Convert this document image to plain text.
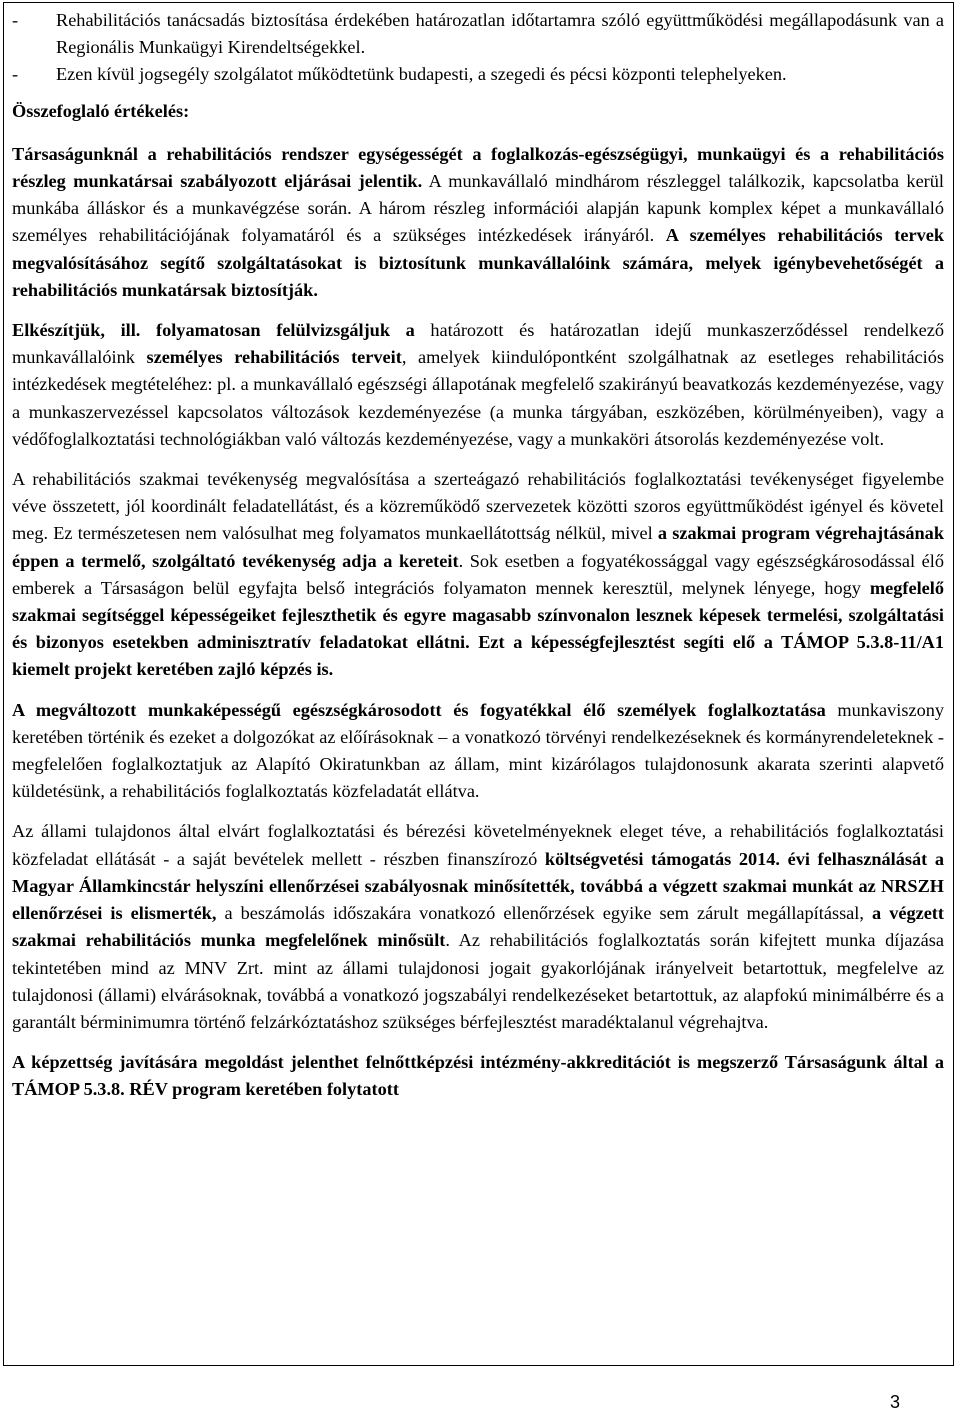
-	Rehabilitációs tanácsadás biztosítása érdekében határozatlan időtartamra szóló együttműködési megállapodásunk van a Regionális Munkaügyi Kirendeltségekkel.
-	Ezen kívül jogsegély szolgálatot működtetünk budapesti, a szegedi és pécsi központi telephelyeken.
Összefoglaló értékelés:

Társaságunknál a rehabilitációs rendszer egységességét a foglalkozás-egészségügyi, munkaügyi és a rehabilitációs részleg munkatársai szabályozott eljárásai jelentik. A munkavállaló mindhárom részleggel találkozik, kapcsolatba kerül munkába álláskor és a munkavégzése során. A három részleg információi alapján kapunk komplex képet a munkavállaló személyes rehabilitációjának folyamatáról és a szükséges intézkedések irányáról. A személyes rehabilitációs tervek megvalósításához segítő szolgáltatásokat is biztosítunk munkavállalóink számára, melyek igénybevehetőségét a rehabilitációs munkatársak biztosítják.

Elkészítjük, ill. folyamatosan felülvizsgáljuk a határozott és határozatlan idejű munkaszerződéssel rendelkező munkavállalóink személyes rehabilitációs terveit, amelyek kiindulópontként szolgálhatnak az esetleges rehabilitációs intézkedések megtételéhez: pl. a munkavállaló egészségi állapotának megfelelő szakirányú beavatkozás kezdeményezése, vagy a munkaszervezéssel kapcsolatos változások kezdeményezése (a munka tárgyában, eszközében, körülményeiben), vagy a védőfoglalkoztatási technológiákban való változás kezdeményezése, vagy a munkaköri átsorolás kezdeményezése volt.

A rehabilitációs szakmai tevékenység megvalósítása a szerteágazó rehabilitációs foglalkoztatási tevékenységet figyelembe véve összetett, jól koordinált feladatellátást, és a közreműködő szervezetek közötti szoros együttműködést igényel és követel meg. Ez természetesen nem valósulhat meg folyamatos munkaellátottság nélkül, mivel a szakmai program végrehajtásának éppen a termelő, szolgáltató tevékenység adja a kereteit. Sok esetben a fogyatékossággal vagy egészségkárosodással élő emberek a Társaságon belül egyfajta belső integrációs folyamaton mennek keresztül, melynek lényege, hogy megfelelő szakmai segítséggel képességeiket fejleszthetik és egyre magasabb színvonalon lesznek képesek termelési, szolgáltatási és bizonyos esetekben adminisztratív feladatokat ellátni. Ezt a képességfejlesztést segíti elő a TÁMOP 5.3.8-11/A1 kiemelt projekt keretében zajló képzés is.

A megváltozott munkaképességű egészségkárosodott és fogyatékkal élő személyek foglalkoztatása munkaviszony keretében történik és ezeket a dolgozókat az előírásoknak – a vonatkozó törvényi rendelkezéseknek és kormányrendeleteknek - megfelelően foglalkoztatjuk az Alapító Okiratunkban az állam, mint kizárólagos tulajdonosunk akarata szerinti alapvető küldetésünk, a rehabilitációs foglalkoztatás közfeladatát ellátva.

Az állami tulajdonos által elvárt foglalkoztatási és bérezési követelményeknek eleget téve, a rehabilitációs foglalkoztatási közfeladat ellátását - a saját bevételek mellett - részben finanszírozó költségvetési támogatás 2014. évi felhasználását a Magyar Államkincstár helyszíni ellenőrzései szabályosnak minősítették, továbbá a végzett szakmai munkát az NRSZH ellenőrzései is elismerték, a beszámolás időszakára vonatkozó ellenőrzések egyike sem zárult megállapítással, a végzett szakmai rehabilitációs munka megfelelőnek minősült. Az rehabilitációs foglalkoztatás során kifejtett munka díjazása tekintetében mind az MNV Zrt. mint az állami tulajdonosi jogait gyakorlójának irányelveit betartottuk, megfelelve az tulajdonosi (állami) elvárásoknak, továbbá a vonatkozó jogszabályi rendelkezéseket betartottuk, az alapfokú minimálbérre és a garantált bérminimumra történő felzárkóztatáshoz szükséges bérfejlesztést maradéktalanul végrehajtva.

A képzettség javítására megoldást jelenthet felnőttképzési intézmény-akkreditációt is megszerző Társaságunk által a TÁMOP 5.3.8. RÉV program keretében folytatott

3
